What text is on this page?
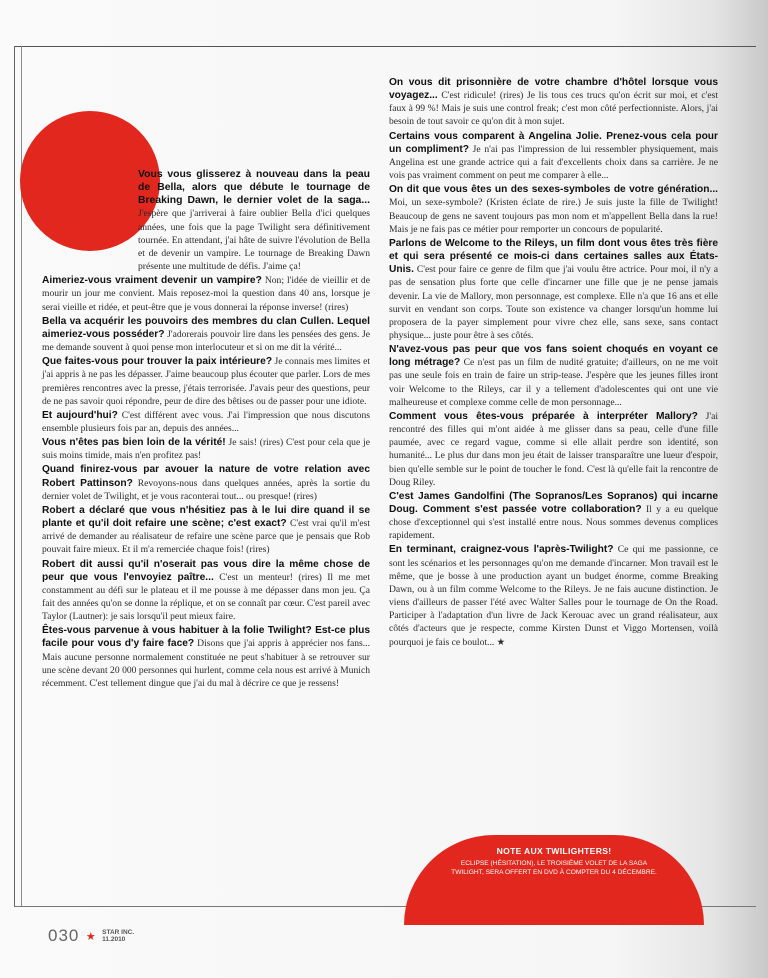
Vous vous glisserez à nouveau dans la peau de Bella, alors que débute le tournage de Breaking Dawn, le dernier volet de la saga... J'espère que j'arriverai à faire oublier Bella d'ici quelques années, une fois que la page Twilight sera définitivement tournée. En attendant, j'ai hâte de suivre l'évolution de Bella et de devenir un vampire. Le tournage de Breaking Dawn présente une multitude de défis. J'aime ça!

Aimeriez-vous vraiment devenir un vampire? Non; l'idée de vieillir et de mourir un jour me convient. Mais reposez-moi la question dans 40 ans, lorsque je serai vieille et ridée, et peut-être que je vous donnerai la réponse inverse! (rires)

Bella va acquérir les pouvoirs des membres du clan Cullen. Lequel aimeriez-vous posséder? J'adorerais pouvoir lire dans les pensées des gens. Je me demande souvent à quoi pense mon interlocuteur et si on me dit la vérité...

Que faites-vous pour trouver la paix intérieure? Je connais mes limites et j'ai appris à ne pas les dépasser. J'aime beaucoup plus écouter que parler. Lors de mes premières rencontres avec la presse, j'étais terrorisée. J'avais peur des questions, peur de ne pas savoir quoi répondre, peur de dire des bêtises ou de passer pour une idiote.

Et aujourd'hui? C'est différent avec vous. J'ai l'impression que nous discutons ensemble plusieurs fois par an, depuis des années...

Vous n'êtes pas bien loin de la vérité! Je sais! (rires) C'est pour cela que je suis moins timide, mais n'en profitez pas!

Quand finirez-vous par avouer la nature de votre relation avec Robert Pattinson? Revoyons-nous dans quelques années, après la sortie du dernier volet de Twilight, et je vous raconterai tout... ou presque! (rires)

Robert a déclaré que vous n'hésitiez pas à le lui dire quand il se plante et qu'il doit refaire une scène; c'est exact? C'est vrai qu'il m'est arrivé de demander au réalisateur de refaire une scène parce que je pensais que Rob pouvait faire mieux. Et il m'a remerciée chaque fois! (rires)

Robert dit aussi qu'il n'oserait pas vous dire la même chose de peur que vous l'envoyiez paître... C'est un menteur! (rires) Il me met constamment au défi sur le plateau et il me pousse à me dépasser dans mon jeu. Ça fait des années qu'on se donne la réplique, et on se connaît par cœur. C'est pareil avec Taylor (Lautner): je sais lorsqu'il peut mieux faire.

Êtes-vous parvenue à vous habituer à la folie Twilight? Est-ce plus facile pour vous d'y faire face? Disons que j'ai appris à apprécier nos fans... Mais aucune personne normalement constituée ne peut s'habituer à se retrouver sur une scène devant 20 000 personnes qui hurlent, comme cela nous est arrivé à Munich récemment. C'est tellement dingue que j'ai du mal à décrire ce que je ressens!

On vous dit prisonnière de votre chambre d'hôtel lorsque vous voyagez... C'est ridicule! (rires) Je lis tous ces trucs qu'on écrit sur moi, et c'est faux à 99 %! Mais je suis une control freak; c'est mon côté perfectionniste. Alors, j'ai besoin de tout savoir ce qu'on dit à mon sujet.

Certains vous comparent à Angelina Jolie. Prenez-vous cela pour un compliment? Je n'ai pas l'impression de lui ressembler physiquement, mais Angelina est une grande actrice qui a fait d'excellents choix dans sa carrière. Je ne vois pas vraiment comment on peut me comparer à elle...

On dit que vous êtes un des sexes-symboles de votre génération... Moi, un sexe-symbole? (Kristen éclate de rire.) Je suis juste la fille de Twilight! Beaucoup de gens ne savent toujours pas mon nom et m'appellent Bella dans la rue! Mais je ne fais pas ce métier pour remporter un concours de popularité.

Parlons de Welcome to the Rileys, un film dont vous êtes très fière et qui sera présenté ce mois-ci dans certaines salles aux États-Unis. C'est pour faire ce genre de film que j'ai voulu être actrice. Pour moi, il n'y a pas de sensation plus forte que celle d'incarner une fille que je ne pense jamais devenir. La vie de Mallory, mon personnage, est complexe. Elle n'a que 16 ans et elle survit en vendant son corps. Toute son existence va changer lorsqu'un homme lui proposera de la payer simplement pour vivre chez elle, sans sexe, sans contact physique... juste pour être à ses côtés.

N'avez-vous pas peur que vos fans soient choqués en voyant ce long métrage? Ce n'est pas un film de nudité gratuite; d'ailleurs, on ne me voit pas une seule fois en train de faire un strip-tease. J'espère que les jeunes filles iront voir Welcome to the Rileys, car il y a tellement d'adolescentes qui ont une vie malheureuse et complexe comme celle de mon personnage...

Comment vous êtes-vous préparée à interpréter Mallory? J'ai rencontré des filles qui m'ont aidée à me glisser dans sa peau, celle d'une fille paumée, avec ce regard vague, comme si elle allait perdre son identité, son humanité... Le plus dur dans mon jeu était de laisser transparaître une lueur d'espoir, bien qu'elle semble sur le point de toucher le fond. C'est là qu'elle fait la rencontre de Doug Riley.

C'est James Gandolfini (The Sopranos/Les Sopranos) qui incarne Doug. Comment s'est passée votre collaboration? Il y a eu quelque chose d'exceptionnel qui s'est installé entre nous. Nous sommes devenus complices rapidement.

En terminant, craignez-vous l'après-Twilight? Ce qui me passionne, ce sont les scénarios et les personnages qu'on me demande d'incarner. Mon travail est le même, que je bosse à une production ayant un budget énorme, comme Breaking Dawn, ou à un film comme Welcome to the Rileys. Je ne fais aucune distinction. Je viens d'ailleurs de passer l'été avec Walter Salles pour le tournage de On the Road. Participer à l'adaptation d'un livre de Jack Kerouac avec un grand réalisateur, aux côtés d'acteurs que je respecte, comme Kirsten Dunst et Viggo Mortensen, voilà pourquoi je fais ce boulot... ★

NOTE AUX TWILIGHTERS!
ECLIPSE (HÉSITATION), LE TROISIÈME VOLET DE LA SAGA TWILIGHT, SERA OFFERT EN DVD À COMPTER DU 4 DÉCEMBRE.
030 ★ STAR INC.
11.2010
